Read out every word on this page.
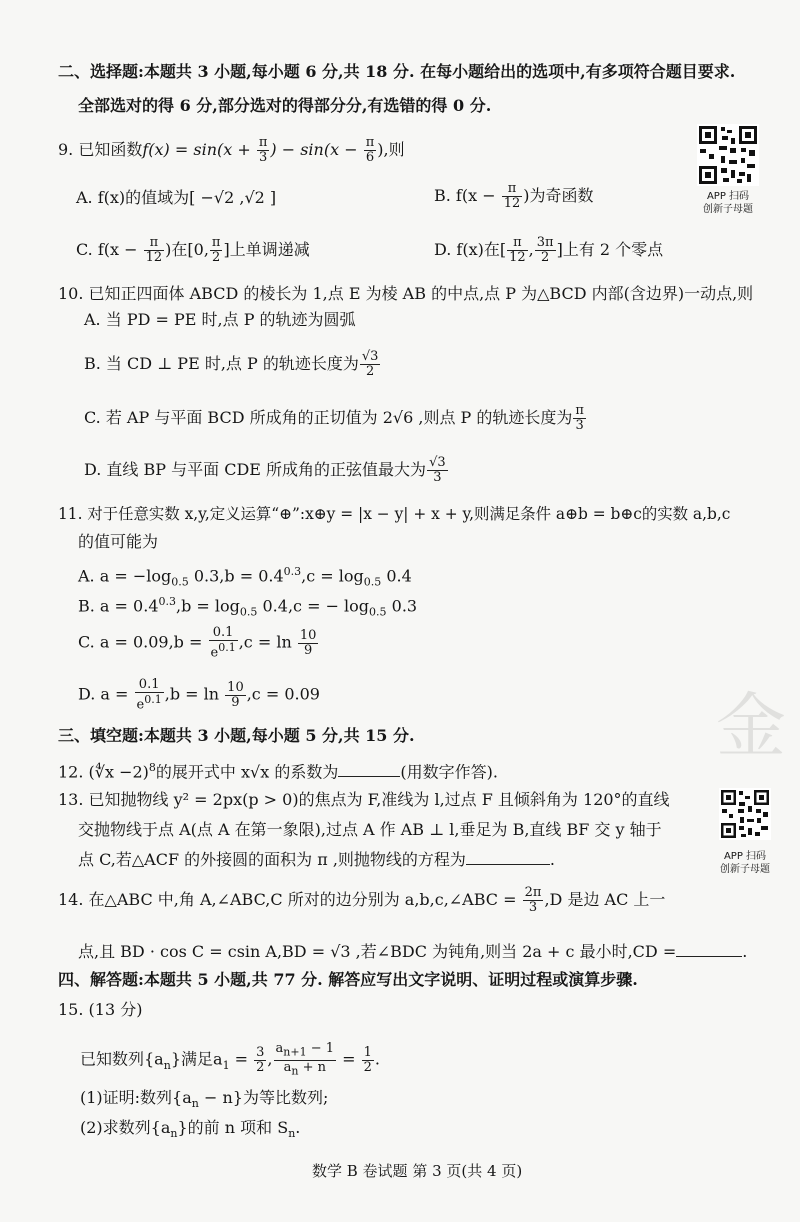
二、选择题:本题共 3 小题,每小题 6 分,共 18 分. 在每小题给出的选项中,有多项符合题目要求.
全部选对的得 6 分,部分选对的得部分分,有选错的得 0 分.
9. 已知函数$f(x) = \sin(x + \frac{\pi}{3}$ ) − $\sin(x - \frac{\pi}{6}$ ),则
A. f(x)的值域为[ −√2 ,√2 ]	B. $f(x - \frac{\pi}{12}$ )为奇函数
C. $f(x - \frac{\pi}{12}$ )在[0, $\frac{\pi}{2}$ ]上单调递减	D. f(x)在[ $\frac{\pi}{12}$ , $\frac{3\pi}{2}$ ]上有 2 个零点
APP 扫码
创新子母题
10. 已知正四面体 ABCD 的棱长为 1,点 E 为棱 AB 的中点,点 P 为△BCD 内部(含边界)一动点,则
A. 当 PD = PE 时,点 P 的轨迹为圆弧
B. 当 CD ⊥ PE 时,点 P 的轨迹长度为 $\frac{√3}{2}$
C. 若 AP 与平面 BCD 所成角的正切值为 2√6 ,则点 P 的轨迹长度为 $\frac{\pi}{3}$
D. 直线 BP 与平面 CDE 所成角的正弦值最大为 $\frac{√3}{3}$
11. 对于任意实数 x,y,定义运算“⊕”:x⊕y = |x − y| + x + y,则满足条件 a⊕b = b⊕c的实数 a,b,c
的值可能为
A. $a = -\log_{0.5}$ $0.3,b = 0.4^{0.3},c = \log_{0.5} 0.4$
B. $a = 0.4^{0.3},b = \log_{0.5} 0.4,c$ = − $\log_{0.5} 0.3$
C. $a = 0.09,b = \frac{0.1}{e^{0.1}} ,c = \ln \frac{10}{9}$
D. $a = \frac{0.1}{e^{0.1}} ,b = \ln \frac{10}{9} ,c = 0.09$	金
三、填空题:本题共 3 小题,每小题 5 分,共 15 分.
12. (∜x −2)$^8$的展开式中 x√x 的系数为	(用数字作答).
13. 已知抛物线 y² = 2px(p > 0)的焦点为 F,准线为 l,过点 F 且倾斜角为 120°的直线
交抛物线于点 A(点 A 在第一象限),过点 A 作 AB ⊥ l,垂足为 B,直线 BF 交 y 轴于
点 C,若△ACF 的外接圆的面积为 π ,则抛物线的方程为	.	APP 扫码
创新子母题
14. 在△ABC 中,角 A,∠ABC,C 所对的边分别为 a,b,c,∠ABC = $\frac{2\pi}{3} ,D$ 是边 AC 上一
点,且 BD · cos C = csin A,BD = √3 ,若∠BDC 为钝角,则当 2a + c 最小时,CD =	.
四、解答题:本题共 5 小题,共 77 分. 解答应写出文字说明、证明过程或演算步骤.
15. (13 分)
已知数列$\{a_n\}$满足$a_1 = \frac{3}{2}$ , $\frac{a_{n+1} - 1}{a_n + n} = \frac{1}{2}$ .
(1)证明:数列$\{a_n - n\}$为等比数列;
(2)求数列$\{a_n\}$的前 n 项和 $S_n$.
数学 B 卷试题 第 3 页(共 4 页)
